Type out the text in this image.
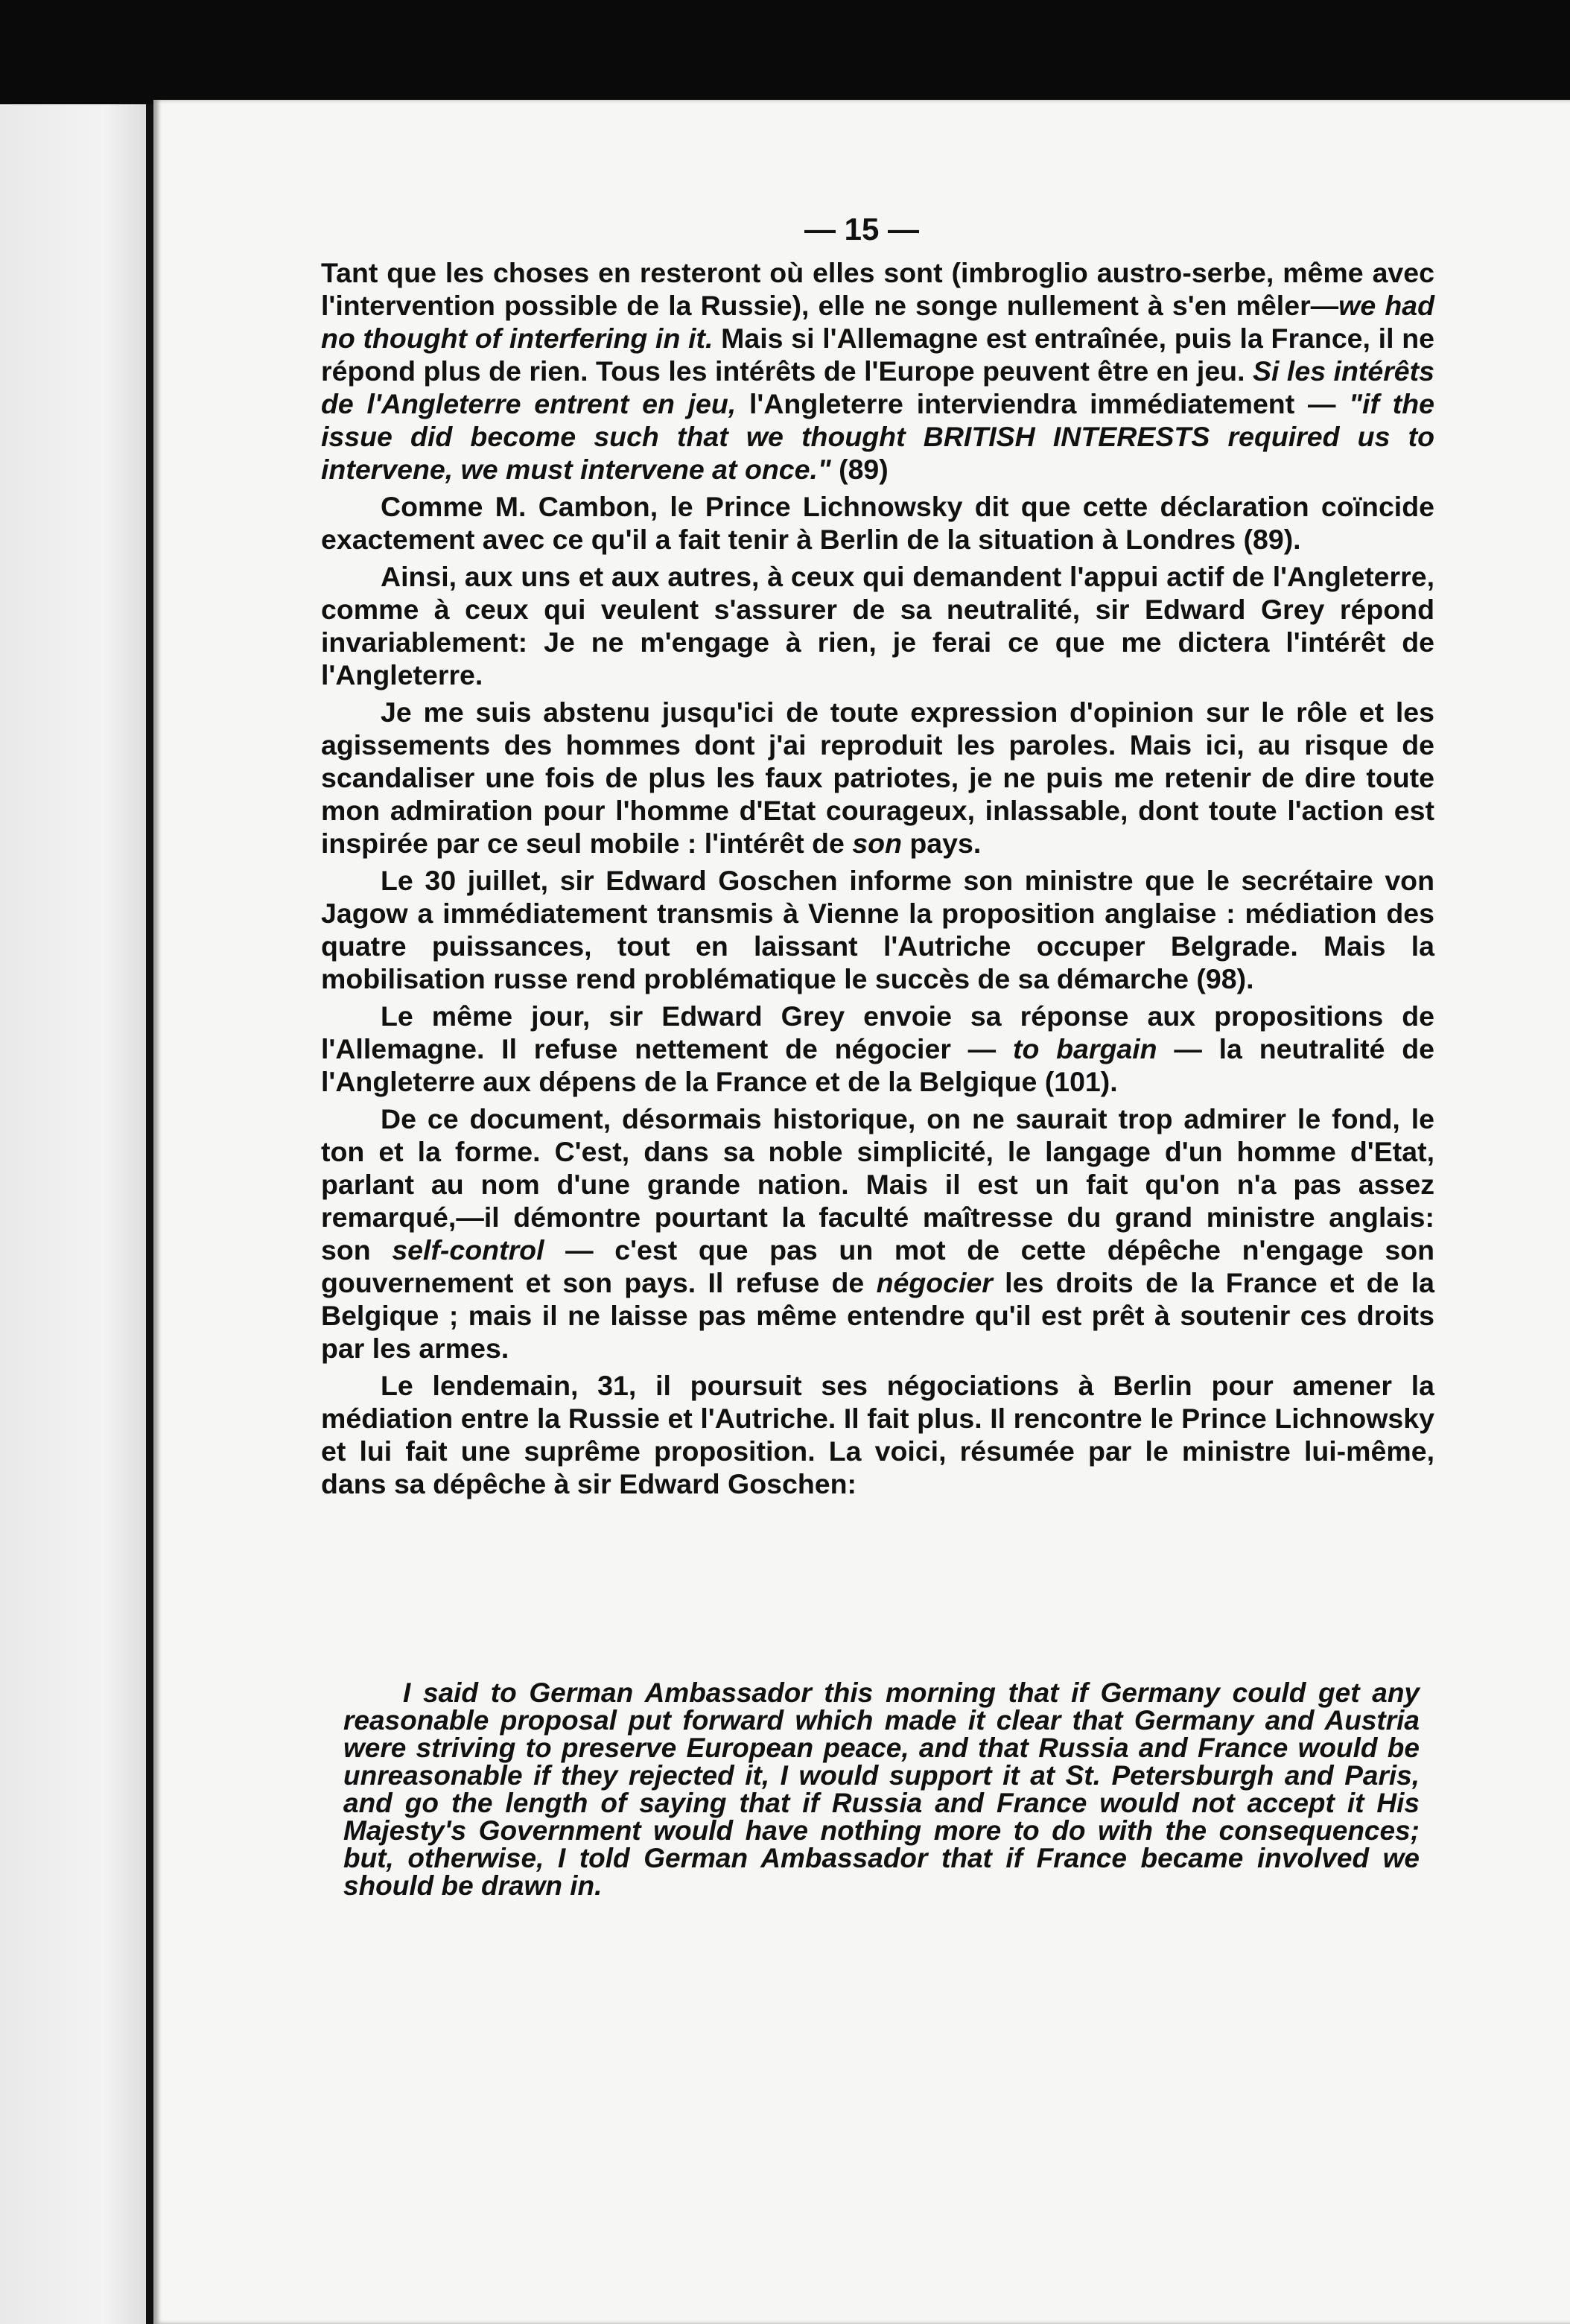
— 15 —

Tant que les choses en resteront où elles sont (imbroglio austro-serbe, même avec l'intervention possible de la Russie), elle ne songe nullement à s'en mêler—we had no thought of interfering in it. Mais si l'Allemagne est entraînée, puis la France, il ne répond plus de rien. Tous les intérêts de l'Europe peuvent être en jeu. Si les intérêts de l'Angleterre entrent en jeu, l'Angleterre interviendra immédiatement — "if the issue did become such that we thought BRITISH INTERESTS required us to intervene, we must intervene at once." (89)

Comme M. Cambon, le Prince Lichnowsky dit que cette déclaration coïncide exactement avec ce qu'il a fait tenir à Berlin de la situation à Londres (89).

Ainsi, aux uns et aux autres, à ceux qui demandent l'appui actif de l'Angleterre, comme à ceux qui veulent s'assurer de sa neutralité, sir Edward Grey répond invariablement: Je ne m'engage à rien, je ferai ce que me dictera l'intérêt de l'Angleterre.

Je me suis abstenu jusqu'ici de toute expression d'opinion sur le rôle et les agissements des hommes dont j'ai reproduit les paroles. Mais ici, au risque de scandaliser une fois de plus les faux patriotes, je ne puis me retenir de dire toute mon admiration pour l'homme d'Etat courageux, inlassable, dont toute l'action est inspirée par ce seul mobile : l'intérêt de son pays.

Le 30 juillet, sir Edward Goschen informe son ministre que le secrétaire von Jagow a immédiatement transmis à Vienne la proposition anglaise : médiation des quatre puissances, tout en laissant l'Autriche occuper Belgrade. Mais la mobilisation russe rend problématique le succès de sa démarche (98).

Le même jour, sir Edward Grey envoie sa réponse aux propositions de l'Allemagne. Il refuse nettement de négocier — to bargain — la neutralité de l'Angleterre aux dépens de la France et de la Belgique (101).

De ce document, désormais historique, on ne saurait trop admirer le fond, le ton et la forme. C'est, dans sa noble simplicité, le langage d'un homme d'Etat, parlant au nom d'une grande nation. Mais il est un fait qu'on n'a pas assez remarqué,—il démontre pourtant la faculté maîtresse du grand ministre anglais: son self-control — c'est que pas un mot de cette dépêche n'engage son gouvernement et son pays. Il refuse de négocier les droits de la France et de la Belgique ; mais il ne laisse pas même entendre qu'il est prêt à soutenir ces droits par les armes.

Le lendemain, 31, il poursuit ses négociations à Berlin pour amener la médiation entre la Russie et l'Autriche. Il fait plus. Il rencontre le Prince Lichnowsky et lui fait une suprême proposition. La voici, résumée par le ministre lui-même, dans sa dépêche à sir Edward Goschen:

I said to German Ambassador this morning that if Germany could get any reasonable proposal put forward which made it clear that Germany and Austria were striving to preserve European peace, and that Russia and France would be unreasonable if they rejected it, I would support it at St. Petersburgh and Paris, and go the length of saying that if Russia and France would not accept it His Majesty's Government would have nothing more to do with the consequences; but, otherwise, I told German Ambassador that if France became involved we should be drawn in.
